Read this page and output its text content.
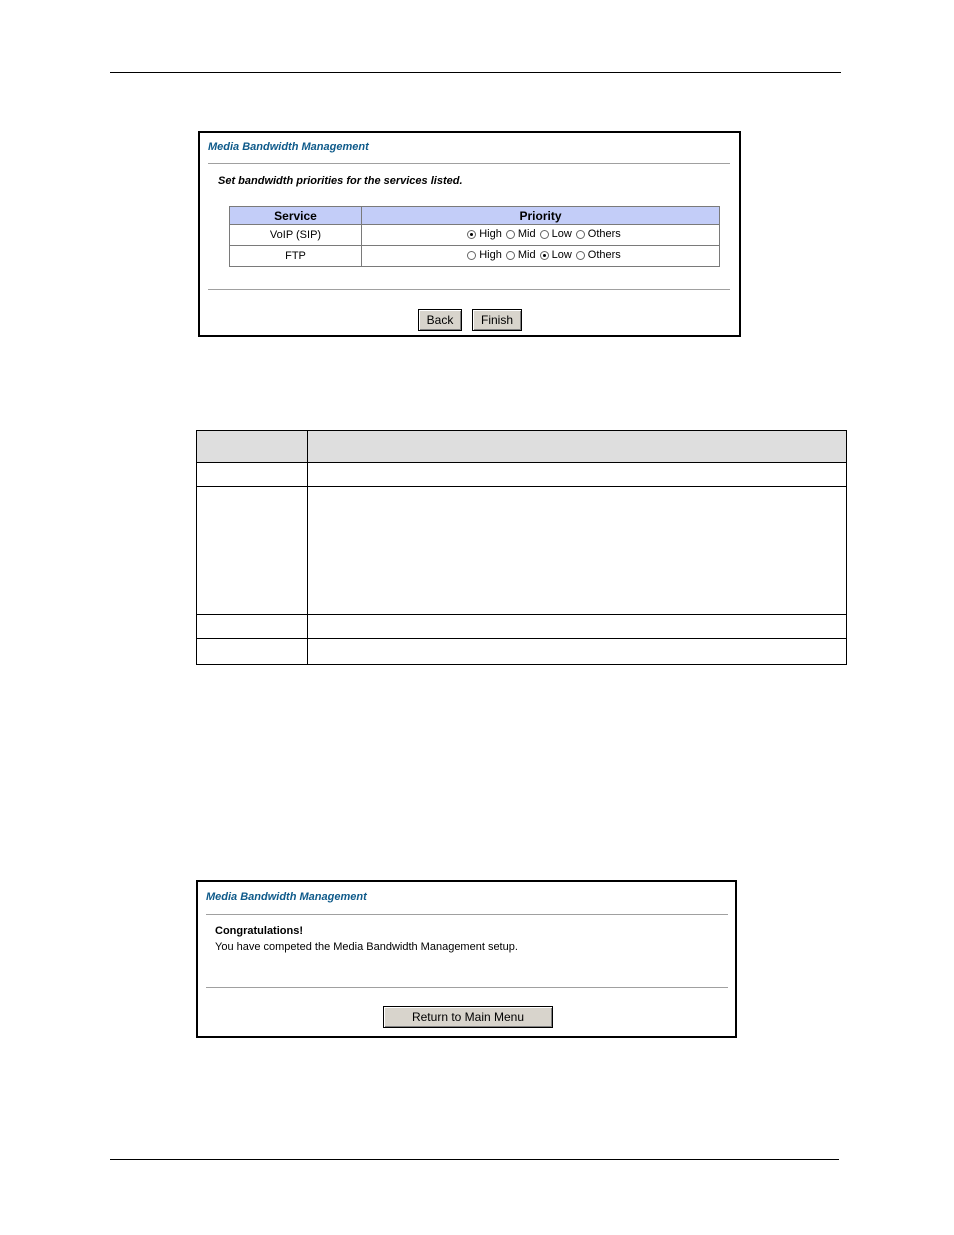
Media Bandwidth Management
Set bandwidth priorities for the services listed.
Service	Priority
VoIP (SIP)	High Mid Low Others

FTP	High Mid Low Others
Back	Finish
Media Bandwidth Management
Congratulations!
You have competed the Media Bandwidth Management setup.
Return to Main Menu
